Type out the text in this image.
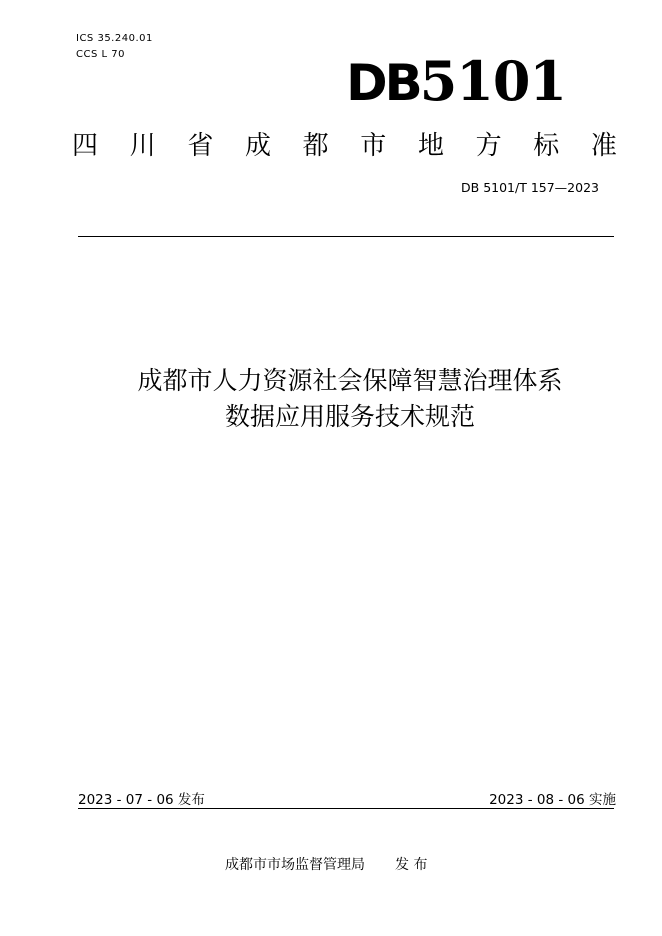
ICS 35.240.01
CCS L 70	DB5101
四 川 省 成 都 市 地 方 标 准
DB 5101/T 157—2023
成都市人力资源社会保障智慧治理体系
数据应用服务技术规范
2023 - 07 - 06 发布	2023 - 08 - 06 实施
成都市市场监督管理局 发 布
